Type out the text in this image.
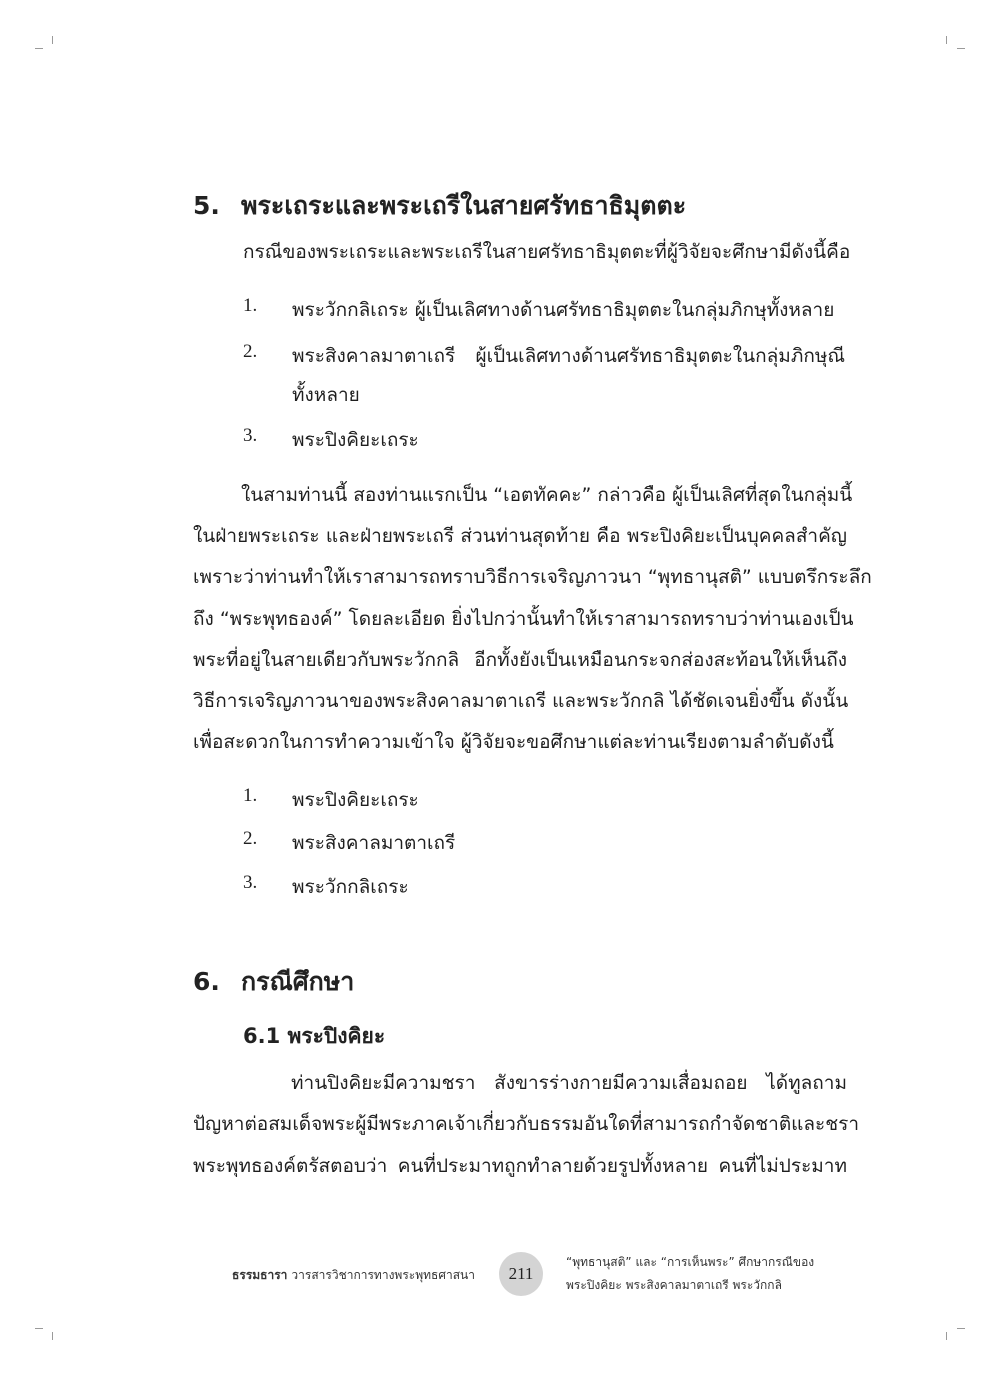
5. พระเถระและพระเถรีในสายศรัทธาธิมุตตะ
กรณีของพระเถระและพระเถรีในสายศรัทธาธิมุตตะที่ผู้วิจัยจะศึกษามีดังนี้คือ
1. พระวักกลิเถระ ผู้เป็นเลิศทางด้านศรัทธาธิมุตตะในกลุ่มภิกษุทั้งหลาย
2. พระสิงคาลมาตาเถรี ผู้เป็นเลิศทางด้านศรัทธาธิมุตตะในกลุ่มภิกษุณี
ทั้งหลาย
3. พระปิงคิยะเถระ
ในสามท่านนี้ สองท่านแรกเป็น “เอตทัคคะ” กล่าวคือ ผู้เป็นเลิศที่สุดในกลุ่มนี้
ในฝ่ายพระเถระ และฝ่ายพระเถรี ส่วนท่านสุดท้าย คือ พระปิงคิยะเป็นบุคคลสำคัญ
เพราะว่าท่านทำให้เราสามารถทราบวิธีการเจริญภาวนา “พุทธานุสติ” แบบตรึกระลึก
ถึง “พระพุทธองค์” โดยละเอียด ยิ่งไปกว่านั้นทำให้เราสามารถทราบว่าท่านเองเป็น
พระที่อยู่ในสายเดียวกับพระวักกลิ อีกทั้งยังเป็นเหมือนกระจกส่องสะท้อนให้เห็นถึง
วิธีการเจริญภาวนาของพระสิงคาลมาตาเถรี และพระวักกลิ ได้ชัดเจนยิ่งขึ้น ดังนั้น
เพื่อสะดวกในการทำความเข้าใจ ผู้วิจัยจะขอศึกษาแต่ละท่านเรียงตามลำดับดังนี้
1. พระปิงคิยะเถระ
2. พระสิงคาลมาตาเถรี
3. พระวักกลิเถระ
6. กรณีศึกษา
6.1 พระปิงคิยะ
ท่านปิงคิยะมีความชรา สังขารร่างกายมีความเสื่อมถอย ได้ทูลถาม
ปัญหาต่อสมเด็จพระผู้มีพระภาคเจ้าเกี่ยวกับธรรมอันใดที่สามารถกำจัดชาติและชรา
พระพุทธองค์ตรัสตอบว่า คนที่ประมาทถูกทำลายด้วยรูปทั้งหลาย คนที่ไม่ประมาท
ธรรมธารา วารสารวิชาการทางพระพุทธศาสนา	211
“พุทธานุสติ” และ “การเห็นพระ” ศึกษากรณีของ
พระปิงคิยะ พระสิงคาลมาตาเถรี พระวักกลิ
